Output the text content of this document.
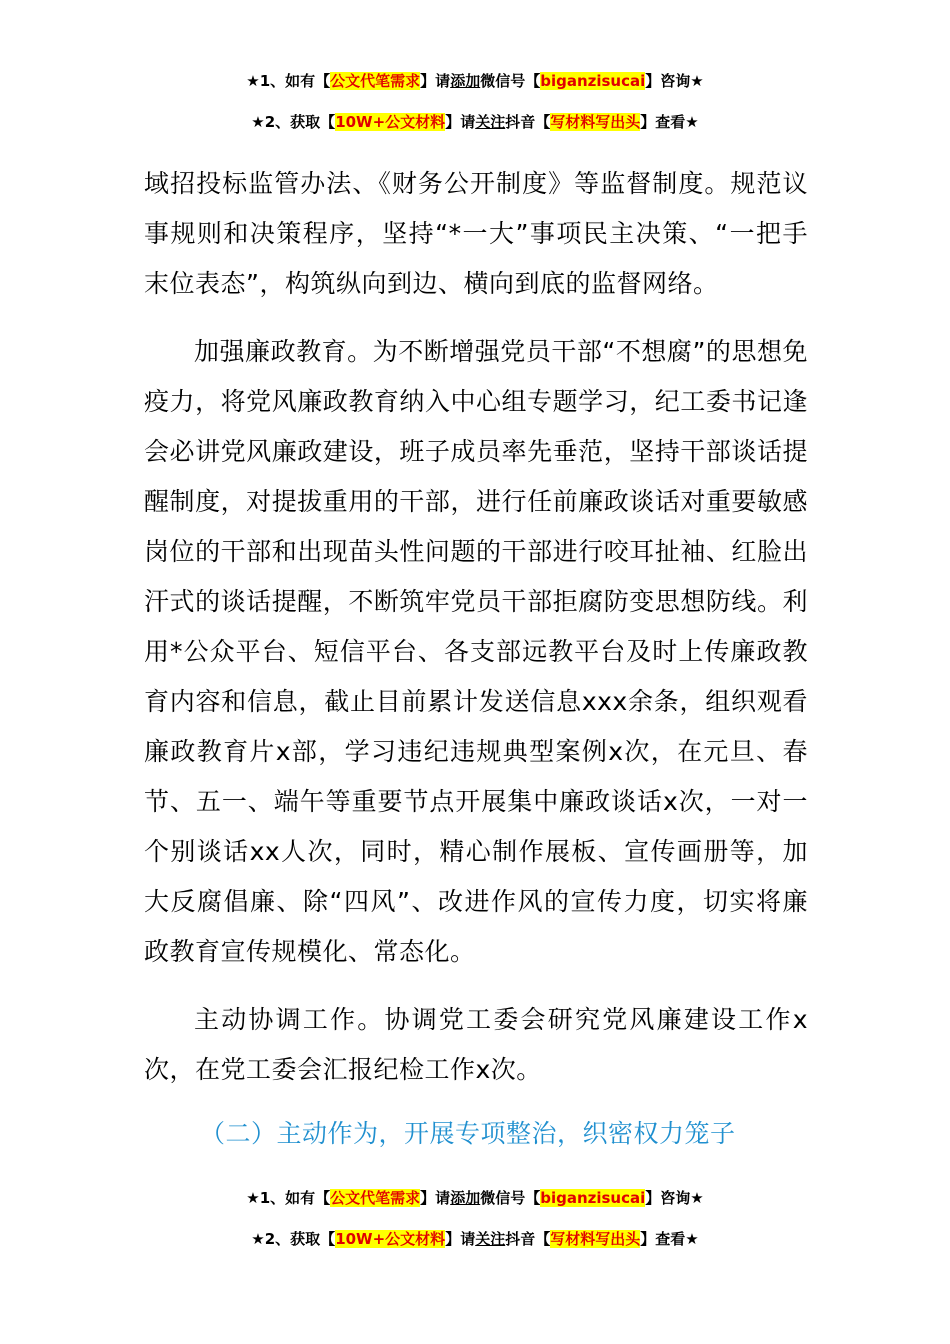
★1、如有【公文代笔需求】请添加微信号【biganzisucai】咨询★
★2、获取【10W+公文材料】请关注抖音【写材料写出头】查看★

域招投标监管办法、《财务公开制度》等监督制度。规范议事规则和决策程序，坚持“*一大”事项民主决策、“一把手末位表态”，构筑纵向到边、横向到底的监督网络。

加强廉政教育。为不断增强党员干部“不想腐”的思想免疫力，将党风廉政教育纳入中心组专题学习，纪工委书记逢会必讲党风廉政建设，班子成员率先垂范，坚持干部谈话提醒制度，对提拔重用的干部，进行任前廉政谈话对重要敏感岗位的干部和出现苗头性问题的干部进行咬耳扯袖、红脸出汗式的谈话提醒，不断筑牢党员干部拒腐防变思想防线。利用*公众平台、短信平台、各支部远教平台及时上传廉政教育内容和信息，截止目前累计发送信息xxx余条，组织观看廉政教育片x部，学习违纪违规典型案例x次，在元旦、春节、五一、端午等重要节点开展集中廉政谈话x次，一对一个别谈话xx人次，同时，精心制作展板、宣传画册等，加大反腐倡廉、除“四风”、改进作风的宣传力度，切实将廉政教育宣传规模化、常态化。

主动协调工作。协调党工委会研究党风廉建设工作x次，在党工委会汇报纪检工作x次。

（二）主动作为，开展专项整治，织密权力笼子

★1、如有【公文代笔需求】请添加微信号【biganzisucai】咨询★
★2、获取【10W+公文材料】请关注抖音【写材料写出头】查看★
